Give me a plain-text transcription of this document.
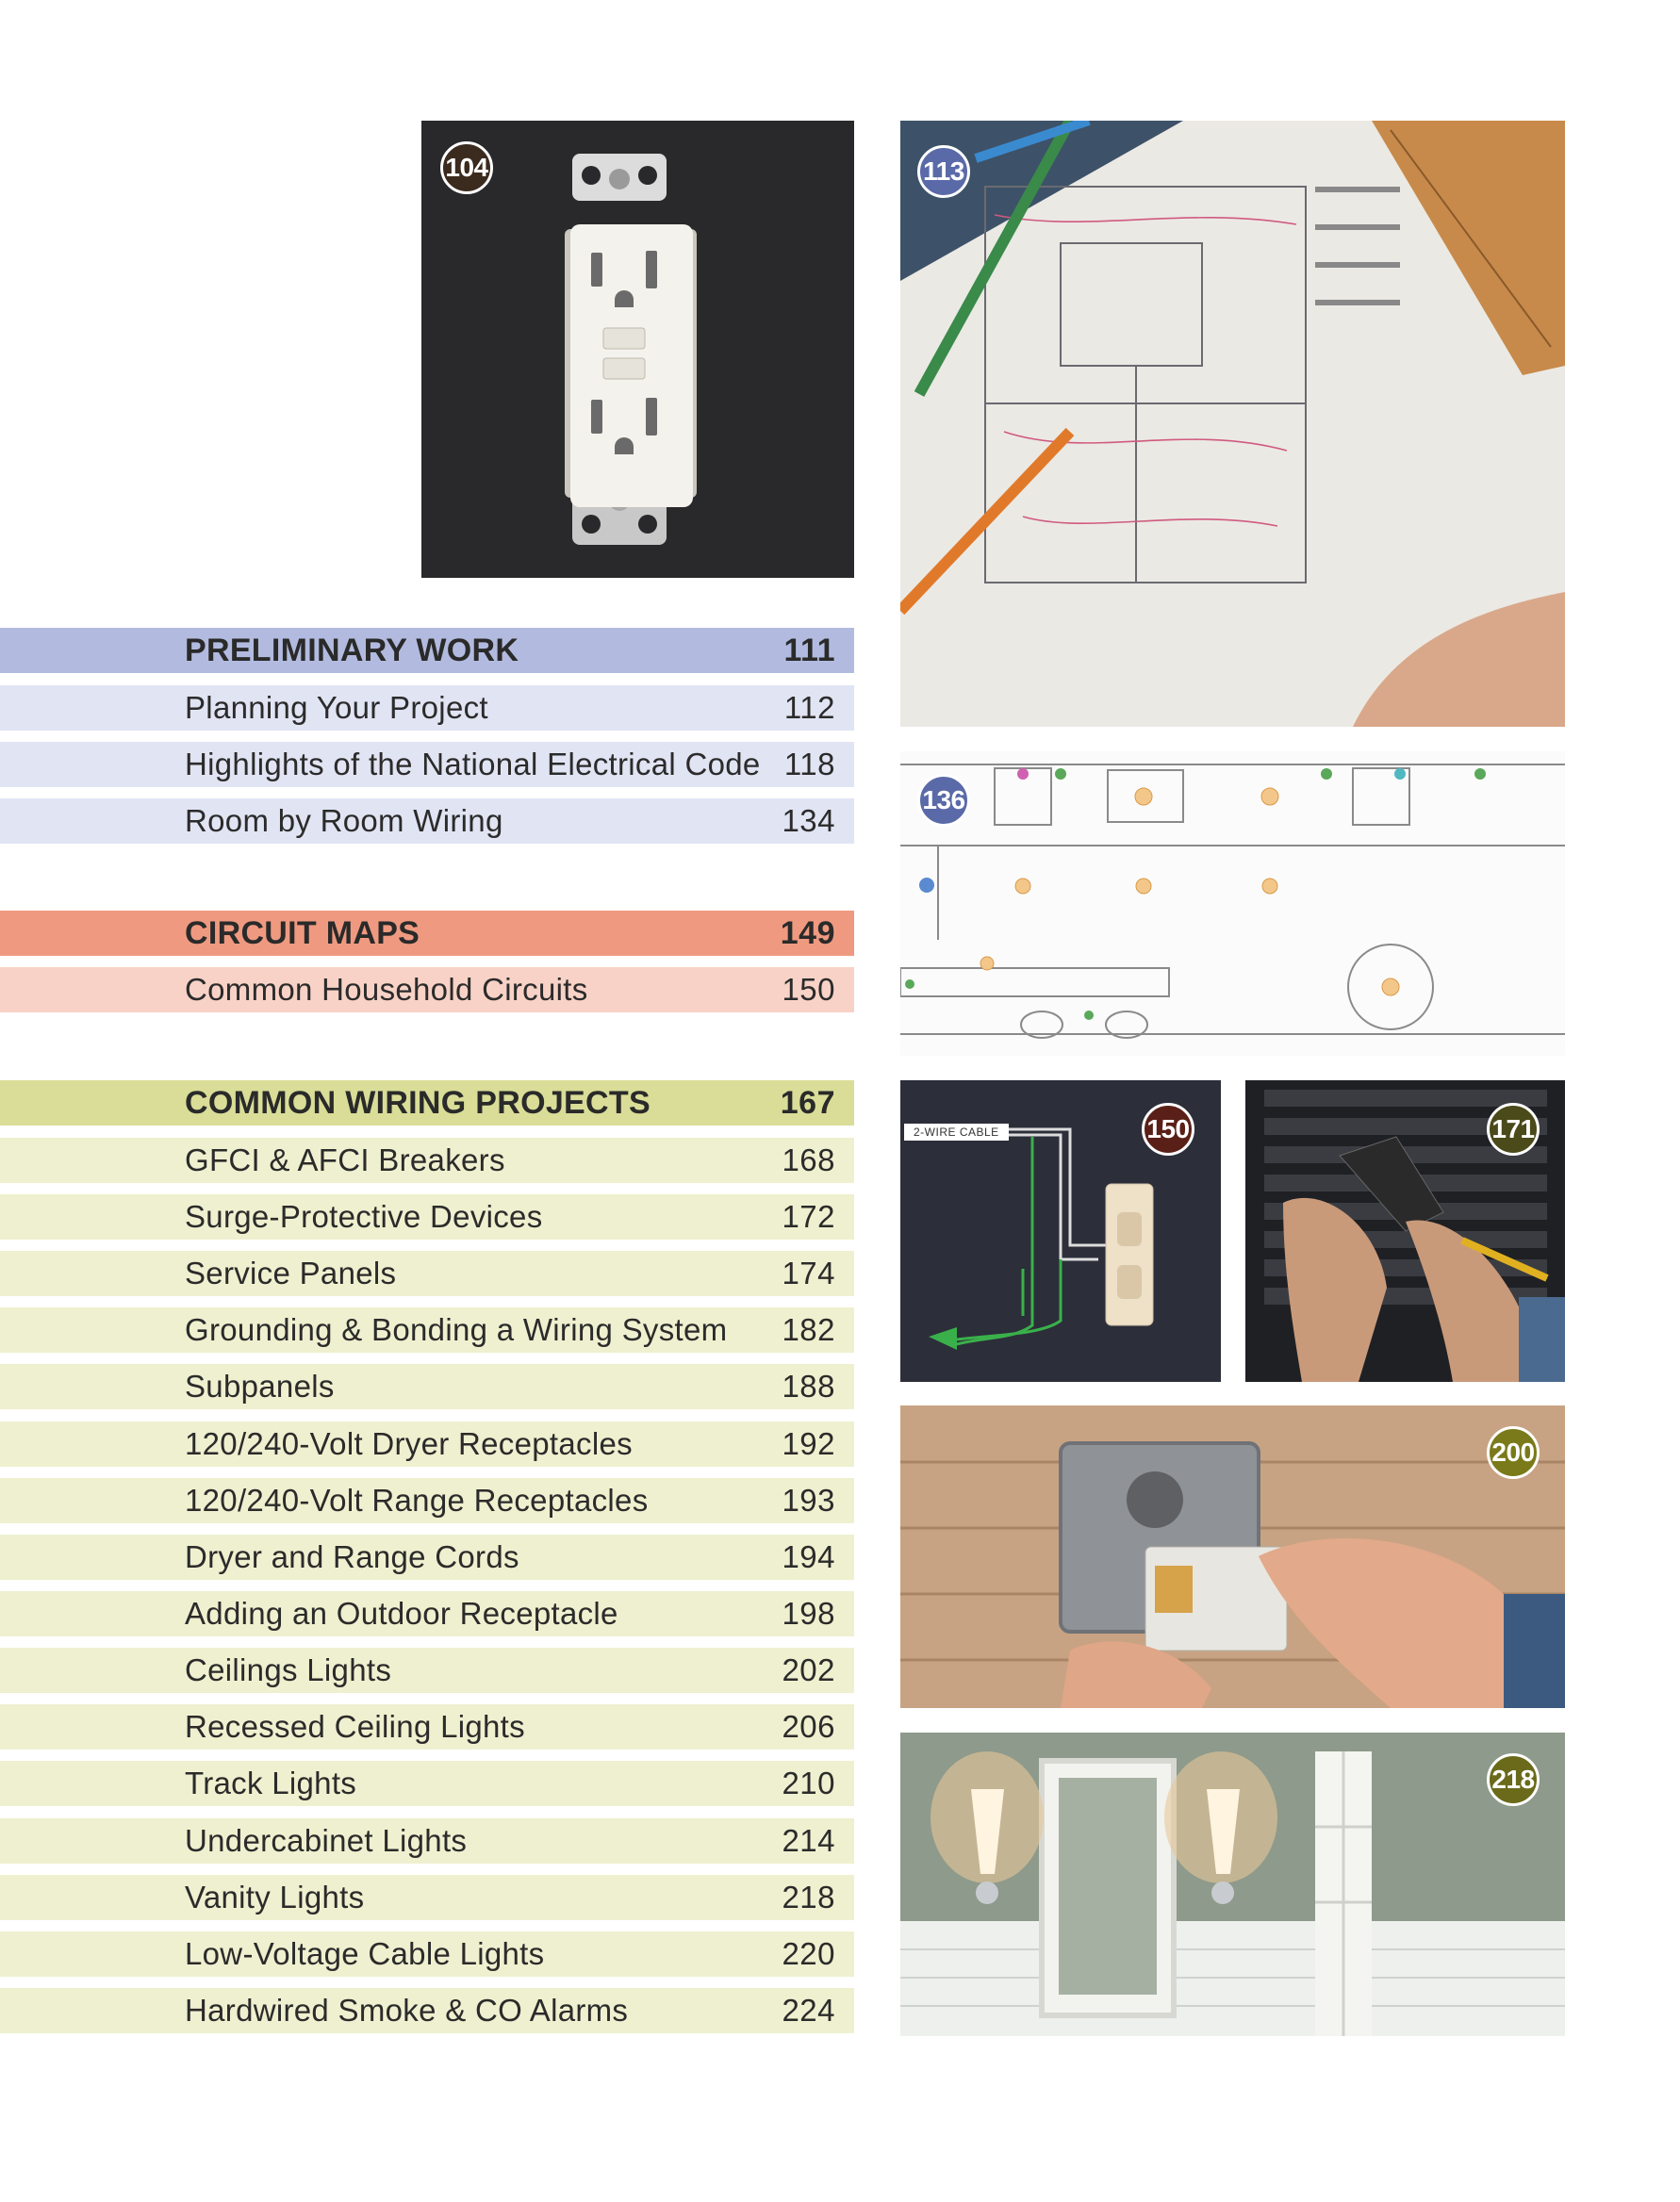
PRELIMINARY WORK	111
Planning Your Project	112
Highlights of the National Electrical Code 118
Room by Room Wiring	134
CIRCUIT MAPS	149
Common Household Circuits	150
COMMON WIRING PROJECTS	167
GFCI & AFCI Breakers	168
Surge-Protective Devices	172
Service Panels	174
Grounding & Bonding a Wiring System 182
Subpanels	188
120/240-Volt Dryer Receptacles	192
120/240-Volt Range Receptacles	193
Dryer and Range Cords	194
Adding an Outdoor Receptacle	198
Ceilings Lights	202
Recessed Ceiling Lights	206
Track Lights	210
Undercabinet Lights	214
Vanity Lights	218
Low-Voltage Cable Lights	220
Hardwired Smoke & CO Alarms	224
104	113
136
2-WIRE CABLE	150	171
200
218
